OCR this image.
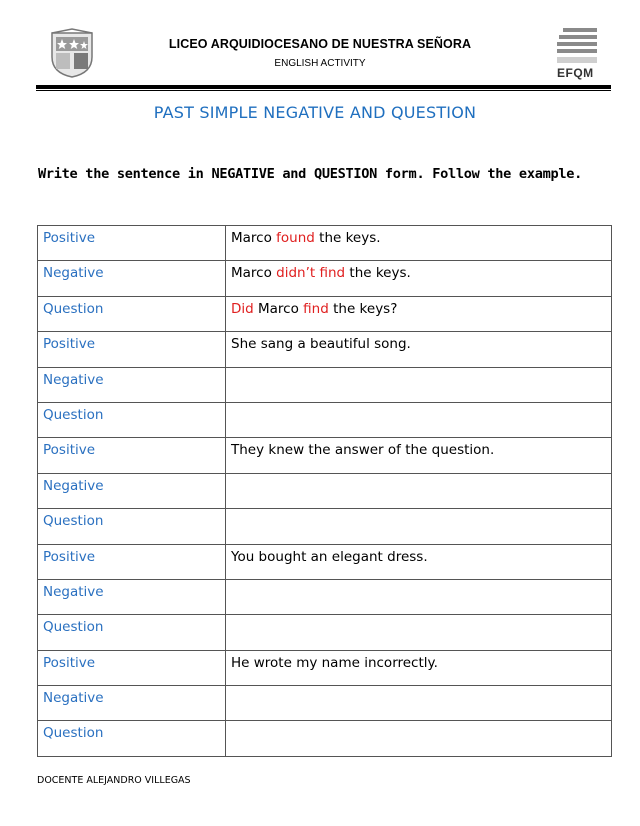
LICEO ARQUIDIOCESANO DE NUESTRA SEÑORA
ENGLISH ACTIVITY
EFQM
PAST SIMPLE NEGATIVE AND QUESTION
Write the sentence in NEGATIVE and QUESTION form. Follow the example.
Positive	Marco found the keys.
Negative	Marco didn’t find the keys.
Question	Did Marco find the keys?
Positive	She sang a beautiful song.
Negative	
Question	
Positive	They knew the answer of the question.
Negative	
Question	
Positive	You bought an elegant dress.
Negative	
Question	
Positive	He wrote my name incorrectly.
Negative	
Question	
DOCENTE ALEJANDRO VILLEGAS
